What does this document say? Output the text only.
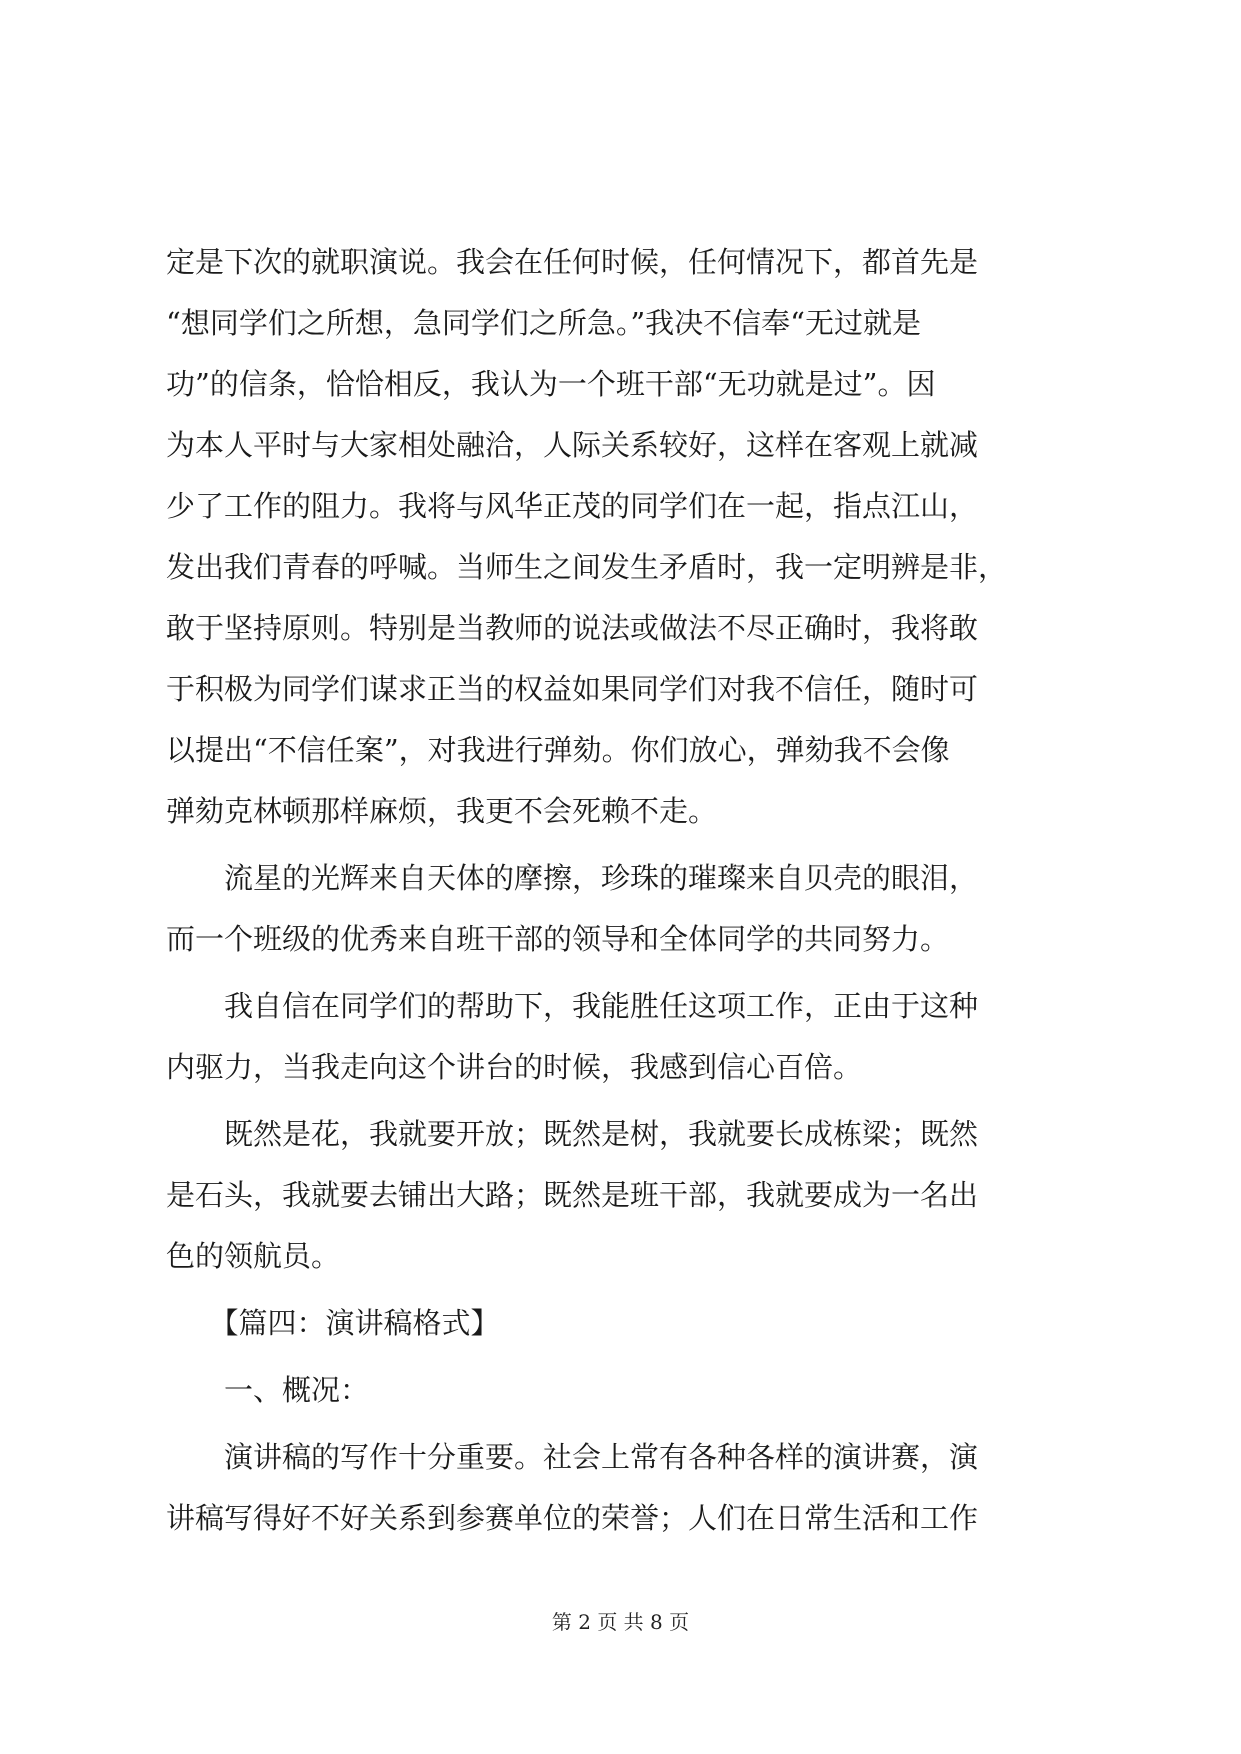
定是下次的就职演说。我会在任何时候，任何情况下，都首先是
“想同学们之所想，急同学们之所急。”我决不信奉“无过就是
功”的信条，恰恰相反，我认为一个班干部“无功就是过”。因
为本人平时与大家相处融洽，人际关系较好，这样在客观上就减
少了工作的阻力。我将与风华正茂的同学们在一起，指点江山，
发出我们青春的呼喊。当师生之间发生矛盾时，我一定明辨是非，
敢于坚持原则。特别是当教师的说法或做法不尽正确时，我将敢
于积极为同学们谋求正当的权益如果同学们对我不信任，随时可
以提出“不信任案”，对我进行弹劾。你们放心，弹劾我不会像
弹劾克林顿那样麻烦，我更不会死赖不走。
　　流星的光辉来自天体的摩擦，珍珠的璀璨来自贝壳的眼泪，
而一个班级的优秀来自班干部的领导和全体同学的共同努力。
　　我自信在同学们的帮助下，我能胜任这项工作，正由于这种
内驱力，当我走向这个讲台的时候，我感到信心百倍。
　　既然是花，我就要开放；既然是树，我就要长成栋梁；既然
是石头，我就要去铺出大路；既然是班干部，我就要成为一名出
色的领航员。
　　【篇四：演讲稿格式】
　　一、概况：
　　演讲稿的写作十分重要。社会上常有各种各样的演讲赛，演
讲稿写得好不好关系到参赛单位的荣誉；人们在日常生活和工作
第 2 页 共 8 页
